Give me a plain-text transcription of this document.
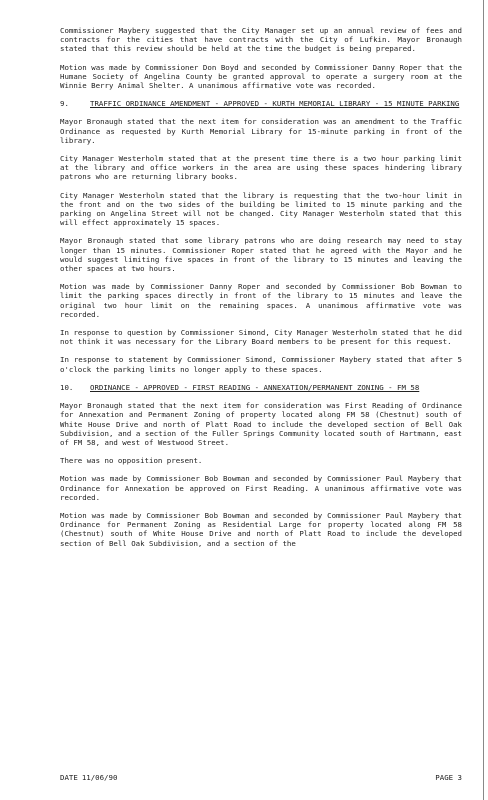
Commissioner Maybery suggested that the City Manager set up an annual review of fees and contracts for the cities that have contracts with the City of Lufkin. Mayor Bronaugh stated that this review should be held at the time the budget is being prepared.

Motion was made by Commissioner Don Boyd and seconded by Commissioner Danny Roper that the Humane Society of Angelina County be granted approval to operate a surgery room at the Winnie Berry Animal Shelter. A unanimous affirmative vote was recorded.

9.	TRAFFIC ORDINANCE AMENDMENT - APPROVED - KURTH MEMORIAL LIBRARY - 15 MINUTE PARKING

Mayor Bronaugh stated that the next item for consideration was an amendment to the Traffic Ordinance as requested by Kurth Memorial Library for 15-minute parking in front of the library.

City Manager Westerholm stated that at the present time there is a two hour parking limit at the library and office workers in the area are using these spaces hindering library patrons who are returning library books.

City Manager Westerholm stated that the library is requesting that the two-hour limit in the front and on the two sides of the building be limited to 15 minute parking and the parking on Angelina Street will not be changed. City Manager Westerholm stated that this will effect approximately 15 spaces.

Mayor Bronaugh stated that some library patrons who are doing research may need to stay longer than 15 minutes. Commissioner Roper stated that he agreed with the Mayor and he would suggest limiting five spaces in front of the library to 15 minutes and leaving the other spaces at two hours.

Motion was made by Commissioner Danny Roper and seconded by Commissioner Bob Bowman to limit the parking spaces directly in front of the library to 15 minutes and leave the original two hour limit on the remaining spaces. A unanimous affirmative vote was recorded.

In response to question by Commissioner Simond, City Manager Westerholm stated that he did not think it was necessary for the Library Board members to be present for this request.

In response to statement by Commissioner Simond, Commissioner Maybery stated that after 5 o'clock the parking limits no longer apply to these spaces.

10.	ORDINANCE - APPROVED - FIRST READING - ANNEXATION/PERMANENT ZONING - FM 58

Mayor Bronaugh stated that the next item for consideration was First Reading of Ordinance for Annexation and Permanent Zoning of property located along FM 58 (Chestnut) south of White House Drive and north of Platt Road to include the developed section of Bell Oak Subdivision, and a section of the Fuller Springs Community located south of Hartmann, east of FM 58, and west of Westwood Street.

There was no opposition present.

Motion was made by Commissioner Bob Bowman and seconded by Commissioner Paul Maybery that Ordinance for Annexation be approved on First Reading. A unanimous affirmative vote was recorded.

Motion was made by Commissioner Bob Bowman and seconded by Commissioner Paul Maybery that Ordinance for Permanent Zoning as Residential Large for property located along FM 58 (Chestnut) south of White House Drive and north of Platt Road to include the developed section of Bell Oak Subdivision, and a section of the

DATE 11/06/90	PAGE 3
